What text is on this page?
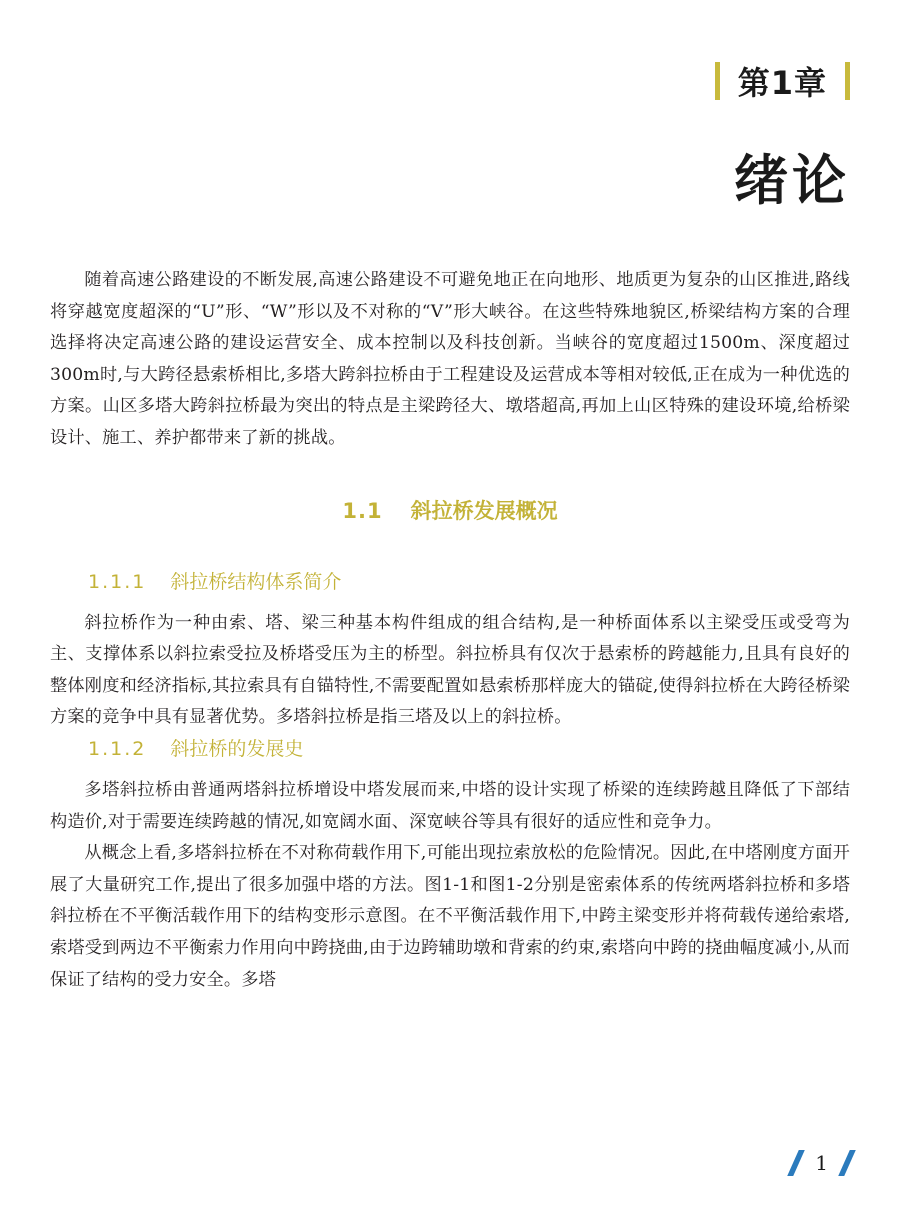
第1章
绪论

随着高速公路建设的不断发展,高速公路建设不可避免地正在向地形、地质更为复杂的山区推进,路线将穿越宽度超深的“U”形、“W”形以及不对称的“V”形大峡谷。在这些特殊地貌区,桥梁结构方案的合理选择将决定高速公路的建设运营安全、成本控制以及科技创新。当峡谷的宽度超过1500m、深度超过300m时,与大跨径悬索桥相比,多塔大跨斜拉桥由于工程建设及运营成本等相对较低,正在成为一种优选的方案。山区多塔大跨斜拉桥最为突出的特点是主梁跨径大、墩塔超高,再加上山区特殊的建设环境,给桥梁设计、施工、养护都带来了新的挑战。

1.1 斜拉桥发展概况
1.1.1 斜拉桥结构体系简介

斜拉桥作为一种由索、塔、梁三种基本构件组成的组合结构,是一种桥面体系以主梁受压或受弯为主、支撑体系以斜拉索受拉及桥塔受压为主的桥型。斜拉桥具有仅次于悬索桥的跨越能力,且具有良好的整体刚度和经济指标,其拉索具有自锚特性,不需要配置如悬索桥那样庞大的锚碇,使得斜拉桥在大跨径桥梁方案的竞争中具有显著优势。多塔斜拉桥是指三塔及以上的斜拉桥。

1.1.2 斜拉桥的发展史

多塔斜拉桥由普通两塔斜拉桥增设中塔发展而来,中塔的设计实现了桥梁的连续跨越且降低了下部结构造价,对于需要连续跨越的情况,如宽阔水面、深宽峡谷等具有很好的适应性和竞争力。

从概念上看,多塔斜拉桥在不对称荷载作用下,可能出现拉索放松的危险情况。因此,在中塔刚度方面开展了大量研究工作,提出了很多加强中塔的方法。图1-1和图1-2分别是密索体系的传统两塔斜拉桥和多塔斜拉桥在不平衡活载作用下的结构变形示意图。在不平衡活载作用下,中跨主梁变形并将荷载传递给索塔,索塔受到两边不平衡索力作用向中跨挠曲,由于边跨辅助墩和背索的约束,索塔向中跨的挠曲幅度减小,从而保证了结构的受力安全。多塔

1
